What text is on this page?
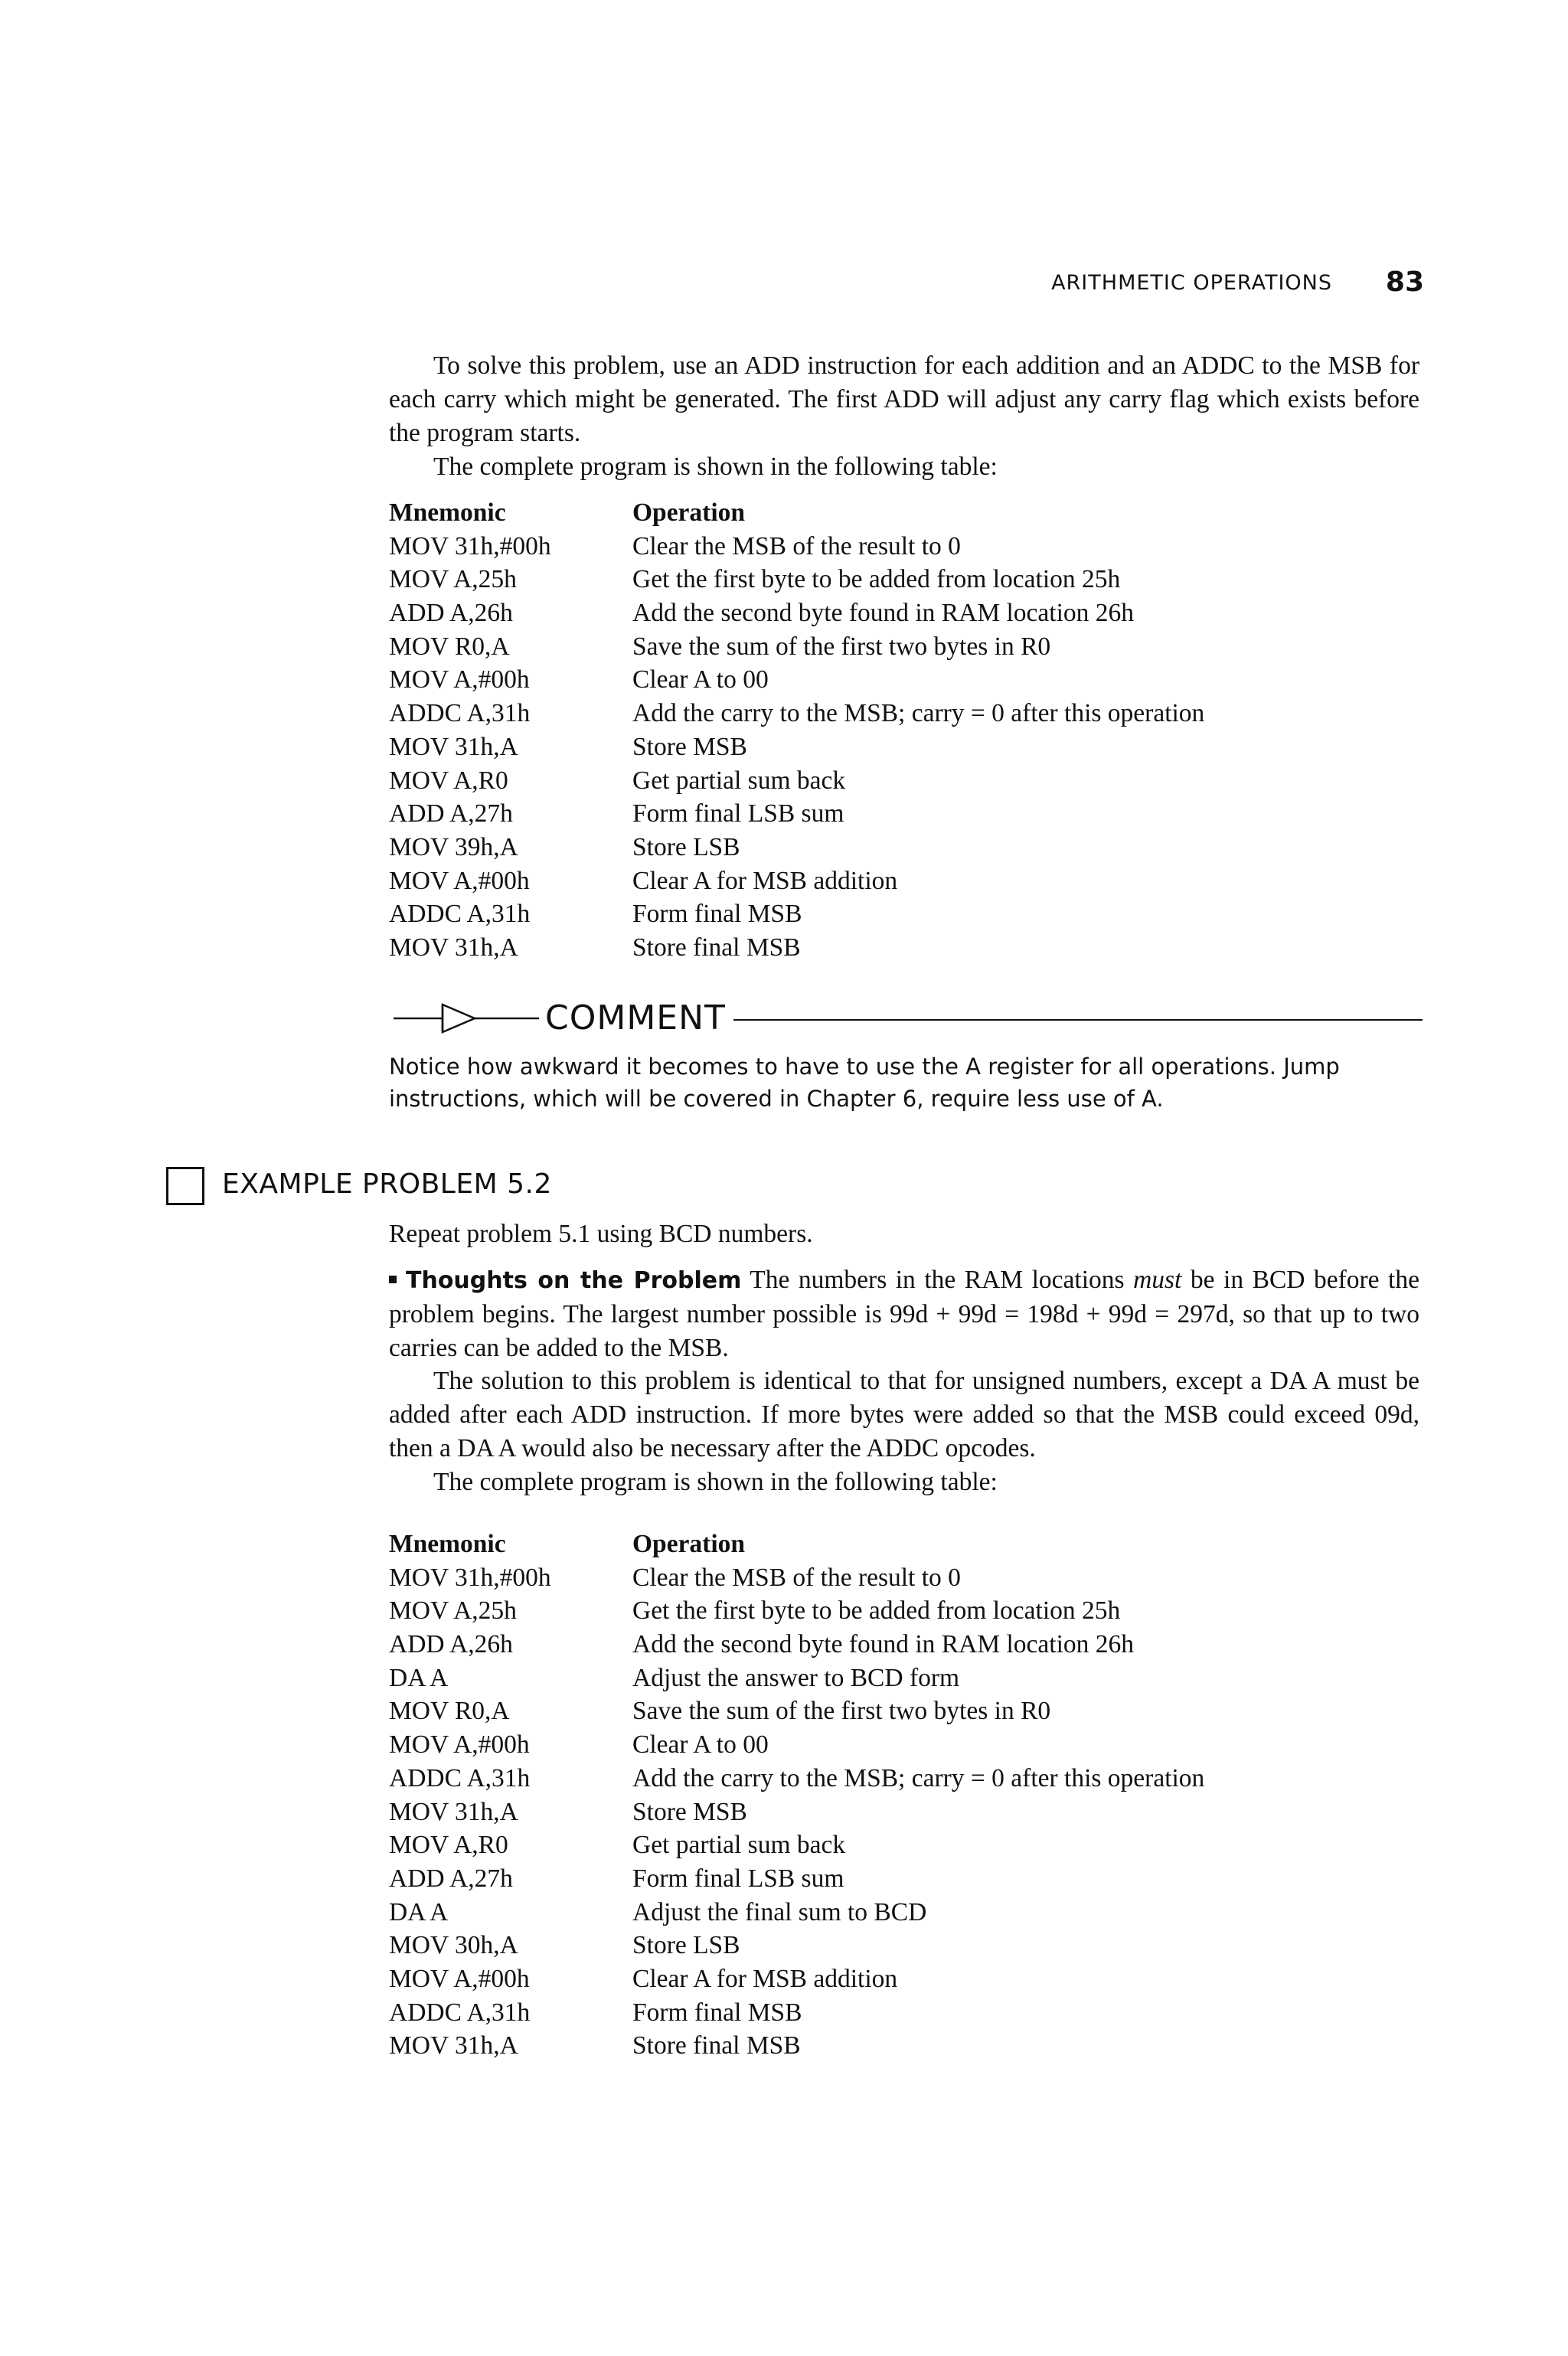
ARITHMETIC OPERATIONS 83

To solve this problem, use an ADD instruction for each addition and an ADDC to the MSB for each carry which might be generated. The first ADD will adjust any carry flag which exists before the program starts.

The complete program is shown in the following table:

Mnemonic	Operation
MOV 31h,#00h	Clear the MSB of the result to 0
MOV A,25h	Get the first byte to be added from location 25h
ADD A,26h	Add the second byte found in RAM location 26h
MOV R0,A	Save the sum of the first two bytes in R0
MOV A,#00h	Clear A to 00
ADDC A,31h	Add the carry to the MSB; carry = 0 after this operation
MOV 31h,A	Store MSB
MOV A,R0	Get partial sum back
ADD A,27h	Form final LSB sum
MOV 39h,A	Store LSB
MOV A,#00h	Clear A for MSB addition
ADDC A,31h	Form final MSB
MOV 31h,A	Store final MSB
COMMENT

Notice how awkward it becomes to have to use the A register for all operations. Jump instructions, which will be covered in Chapter 6, require less use of A.

EXAMPLE PROBLEM 5.2

Repeat problem 5.1 using BCD numbers.

Thoughts on the Problem The numbers in the RAM locations must be in BCD before the problem begins. The largest number possible is 99d + 99d = 198d + 99d = 297d, so that up to two carries can be added to the MSB.

The solution to this problem is identical to that for unsigned numbers, except a DA A must be added after each ADD instruction. If more bytes were added so that the MSB could exceed 09d, then a DA A would also be necessary after the ADDC opcodes.

The complete program is shown in the following table:

Mnemonic	Operation
MOV 31h,#00h	Clear the MSB of the result to 0
MOV A,25h	Get the first byte to be added from location 25h
ADD A,26h	Add the second byte found in RAM location 26h
DA A	Adjust the answer to BCD form
MOV R0,A	Save the sum of the first two bytes in R0
MOV A,#00h	Clear A to 00
ADDC A,31h	Add the carry to the MSB; carry = 0 after this operation
MOV 31h,A	Store MSB
MOV A,R0	Get partial sum back
ADD A,27h	Form final LSB sum
DA A	Adjust the final sum to BCD
MOV 30h,A	Store LSB
MOV A,#00h	Clear A for MSB addition
ADDC A,31h	Form final MSB
MOV 31h,A	Store final MSB
